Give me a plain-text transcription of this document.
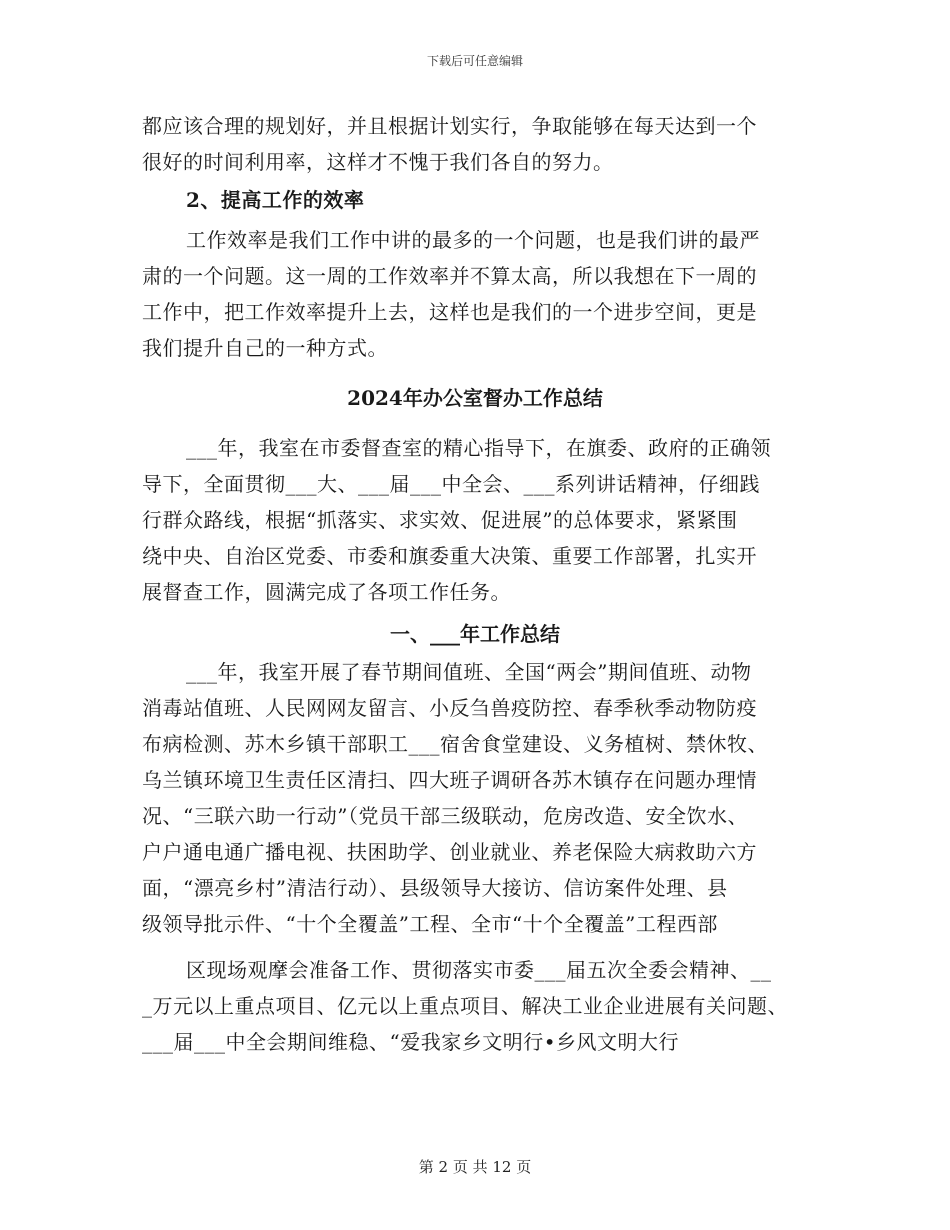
下载后可任意编辑
都应该合理的规划好，并且根据计划实行，争取能够在每天达到一个
很好的时间利用率，这样才不愧于我们各自的努力。
2、提高工作的效率
工作效率是我们工作中讲的最多的一个问题，也是我们讲的最严
肃的一个问题。这一周的工作效率并不算太高，所以我想在下一周的
工作中，把工作效率提升上去，这样也是我们的一个进步空间，更是
我们提升自己的一种方式。
2024年办公室督办工作总结
___年，我室在市委督查室的精心指导下，在旗委、政府的正确领
导下，全面贯彻___大、___届___中全会、___系列讲话精神，仔细践
行群众路线，根据“抓落实、求实效、促进展”的总体要求，紧紧围
绕中央、自治区党委、市委和旗委重大决策、重要工作部署，扎实开
展督查工作，圆满完成了各项工作任务。
一、___年工作总结
___年，我室开展了春节期间值班、全国“两会”期间值班、动物
消毒站值班、人民网网友留言、小反刍兽疫防控、春季秋季动物防疫
布病检测、苏木乡镇干部职工___宿舍食堂建设、义务植树、禁休牧、
乌兰镇环境卫生责任区清扫、四大班子调研各苏木镇存在问题办理情
况、“三联六助一行动”（党员干部三级联动，危房改造、安全饮水、
户户通电通广播电视、扶困助学、创业就业、养老保险大病救助六方
面，“漂亮乡村”清洁行动）、县级领导大接访、信访案件处理、县
级领导批示件、“十个全覆盖”工程、全市“十个全覆盖”工程西部
区现场观摩会准备工作、贯彻落实市委___届五次全委会精神、__
_万元以上重点项目、亿元以上重点项目、解决工业企业进展有关问题、
___届___中全会期间维稳、“爱我家乡文明行•乡风文明大行
第 2 页 共 12 页
